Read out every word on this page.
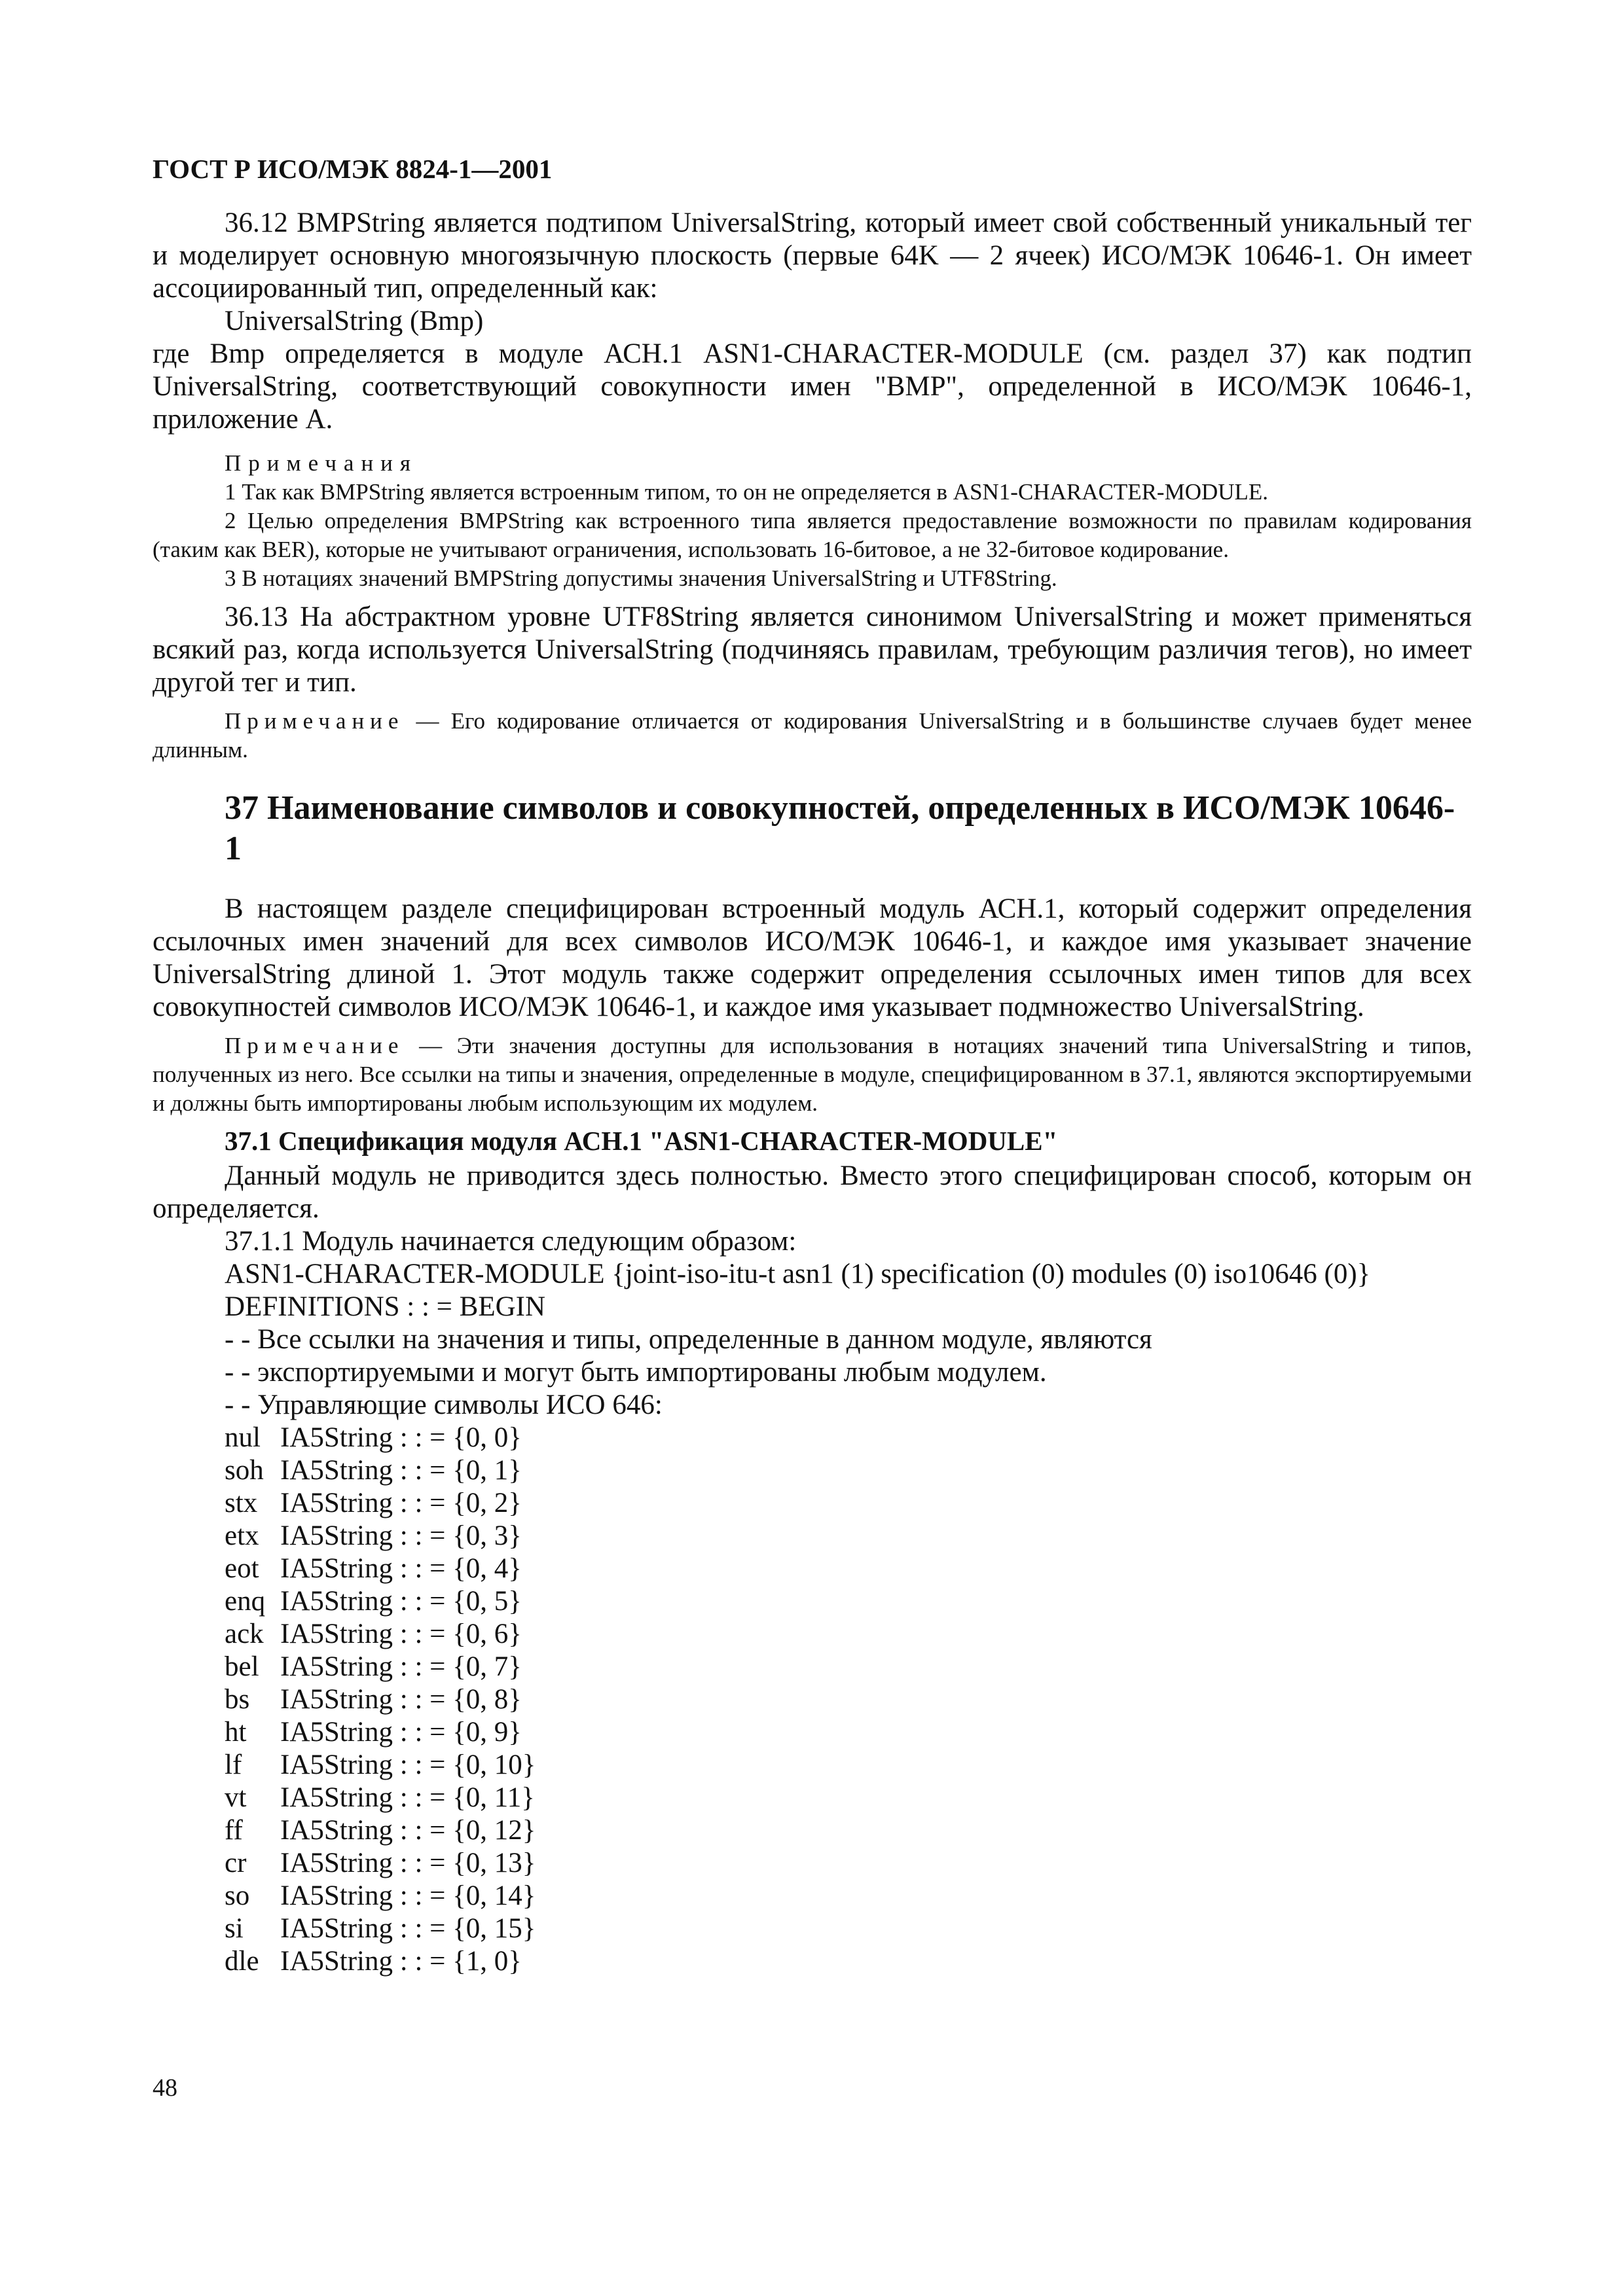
ГОСТ Р ИСО/МЭК 8824-1—2001

36.12 BMPString является подтипом UniversalString, который имеет свой собственный уникальный тег и моделирует основную многоязычную плоскость (первые 64K — 2 ячеек) ИСО/МЭК 10646-1. Он имеет ассоциированный тип, определенный как:

UniversalString (Bmp)

где Bmp определяется в модуле АСН.1 ASN1-CHARACTER-MODULE (см. раздел 37) как подтип UniversalString, соответствующий совокупности имен "BMP", определенной в ИСО/МЭК 10646-1, приложение А.

Примечания

1 Так как BMPString является встроенным типом, то он не определяется в ASN1-CHARACTER-MODULE.

2 Целью определения BMPString как встроенного типа является предоставление возможности по правилам кодирования (таким как BER), которые не учитывают ограничения, использовать 16-битовое, а не 32-битовое кодирование.

3 В нотациях значений BMPString допустимы значения UniversalString и UTF8String.

36.13 На абстрактном уровне UTF8String является синонимом UniversalString и может применяться всякий раз, когда используется UniversalString (подчиняясь правилам, требующим различия тегов), но имеет другой тег и тип.

Примечание — Его кодирование отличается от кодирования UniversalString и в большинстве случаев будет менее длинным.

37 Наименование символов и совокупностей, определенных в ИСО/МЭК 10646-1

В настоящем разделе специфицирован встроенный модуль АСН.1, который содержит определения ссылочных имен значений для всех символов ИСО/МЭК 10646-1, и каждое имя указывает значение UniversalString длиной 1. Этот модуль также содержит определения ссылочных имен типов для всех совокупностей символов ИСО/МЭК 10646-1, и каждое имя указывает подмножество UniversalString.

Примечание — Эти значения доступны для использования в нотациях значений типа UniversalString и типов, полученных из него. Все ссылки на типы и значения, определенные в модуле, специфицированном в 37.1, являются экспортируемыми и должны быть импортированы любым использующим их модулем.

37.1 Спецификация модуля АСН.1 "ASN1-CHARACTER-MODULE"

Данный модуль не приводится здесь полностью. Вместо этого специфицирован способ, которым он определяется.

37.1.1 Модуль начинается следующим образом:

ASN1-CHARACTER-MODULE {joint-iso-itu-t asn1 (1) specification (0) modules (0) iso10646 (0)}
DEFINITIONS : : = BEGIN
- - Все ссылки на значения и типы, определенные в данном модуле, являются
- - экспортируемыми и могут быть импортированы любым модулем.
- - Управляющие символы ИСО 646:
nul IA5String : : = {0, 0}
soh IA5String : : = {0, 1}
stx IA5String : : = {0, 2}
etx IA5String : : = {0, 3}
eot IA5String : : = {0, 4}
enq IA5String : : = {0, 5}
ack IA5String : : = {0, 6}
bel IA5String : : = {0, 7}
bs	IA5String : : = {0, 8}
ht	IA5String : : = {0, 9}
lf	IA5String : : = {0, 10}
vt	IA5String : : = {0, 11}
ff	IA5String : : = {0, 12}
cr	IA5String : : = {0, 13}
so	IA5String : : = {0, 14}
si	IA5String : : = {0, 15}
dle IA5String : : = {1, 0}
48
